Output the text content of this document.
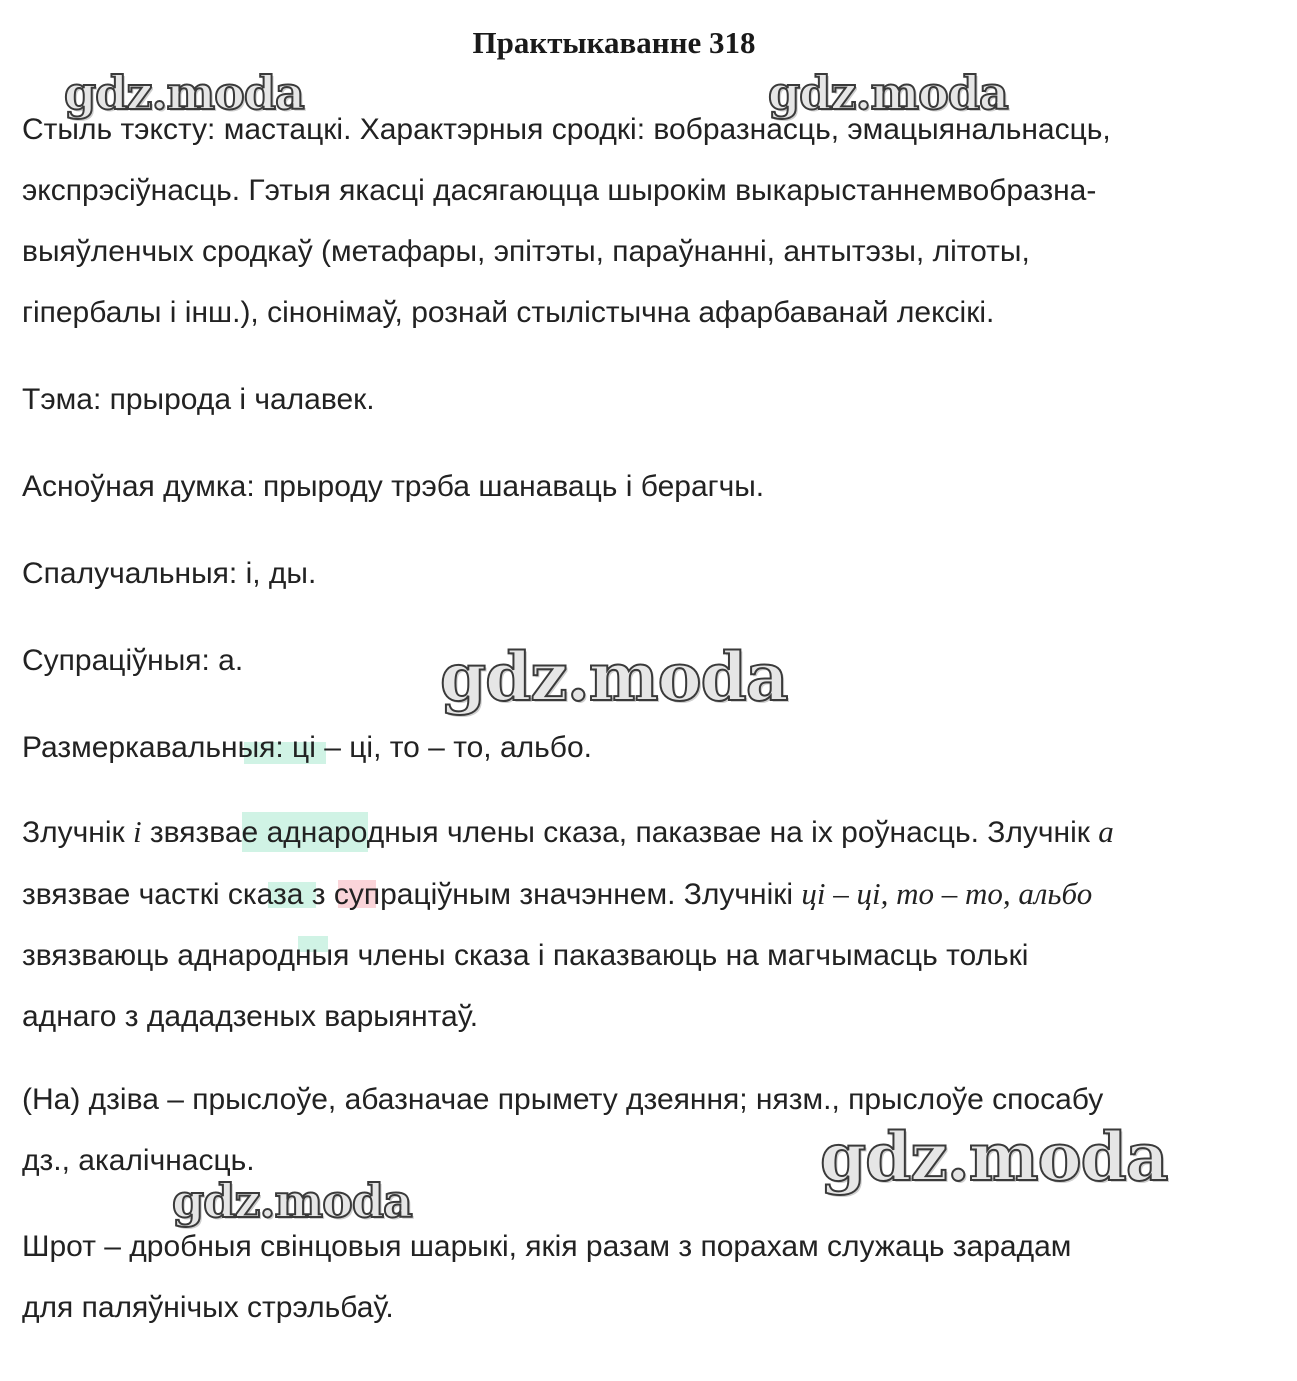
Практыкаванне 318
Стыль тэксту: мастацкі. Характэрныя сродкі: вобразнасць, эмацыянальнасць,
экспрэсіўнасць. Гэтыя якасці дасягаюцца шырокім выкарыстаннемвобразна-
выяўленчых сродкаў (метафары, эпітэты, параўнанні, антытэзы, літоты,
гіпербалы і інш.), сінонімаў, рознай стылістычна афарбаванай лексікі.
Тэма: прырода і чалавек.
Асноўная думка: прыроду трэба шанаваць і берагчы.
Спалучальныя: і, ды.
Супраціўныя: а.
Размеркавальныя: ці – ці, то – то, альбо.
Злучнік і звязвае аднародныя члены сказа, паказвае на іх роўнасць. Злучнік а
звязвае часткі сказа з супраціўным значэннем. Злучнікі ці – ці, то – то, альбо
звязваюць аднародныя члены сказа і паказваюць на магчымасць толькі
аднаго з дададзеных варыянтаў.
(На) дзіва – прыслоўе, абазначае прымету дзеяння; нязм., прыслоўе спосабу
дз., акалічнасць.
Шрот – дробныя свінцовыя шарыкі, якія разам з порахам служаць зарадам
для паляўнічых стрэльбаў.
gdz.moda	gdz.moda
gdz.moda
gdz.moda
gdz.moda
